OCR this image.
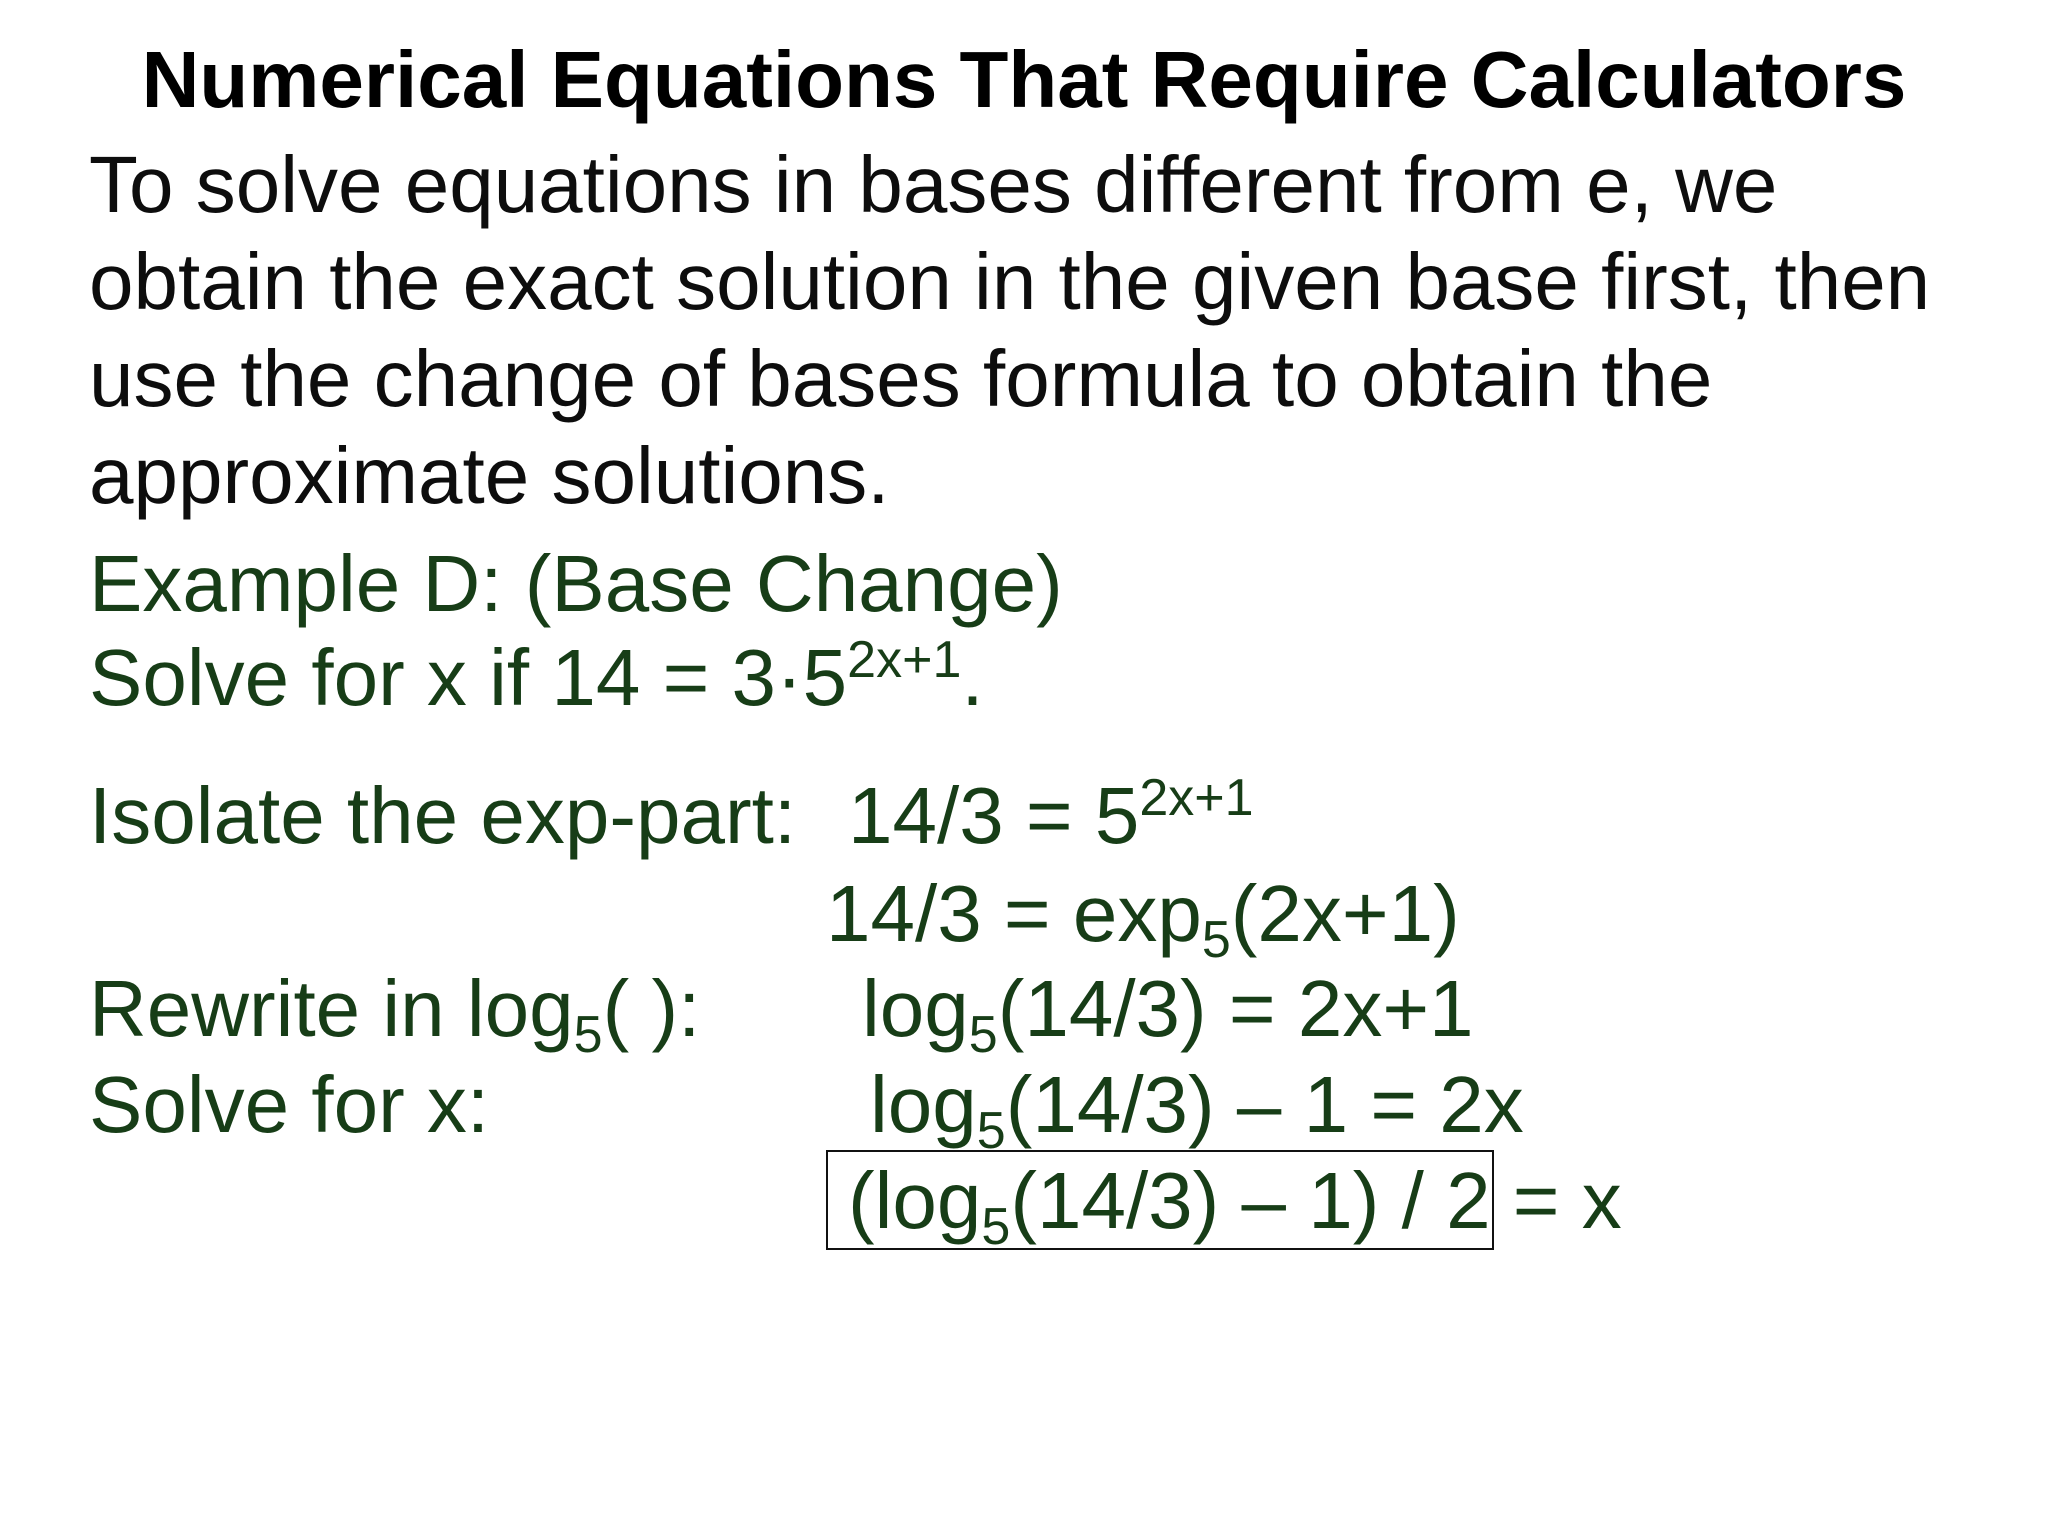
Numerical Equations That Require Calculators
To solve equations in bases different from e, we obtain the exact solution in the given base first, then use the change of bases formula to obtain the approximate solutions.
Example D: (Base Change)
Solve for x if $14 = 3\cdot 5^{2x+1}$.
Isolate the exp-part: $14/3 = 5^{2x+1}$
$14/3 = \exp_5(2x+1)$
Rewrite in $\log_5$( ): $\log_5(14/3) = 2x+1$
Solve for x:	$\log_5(14/3) - 1 = 2x$
$(\log_5(14/3) - 1) / 2 = x$
